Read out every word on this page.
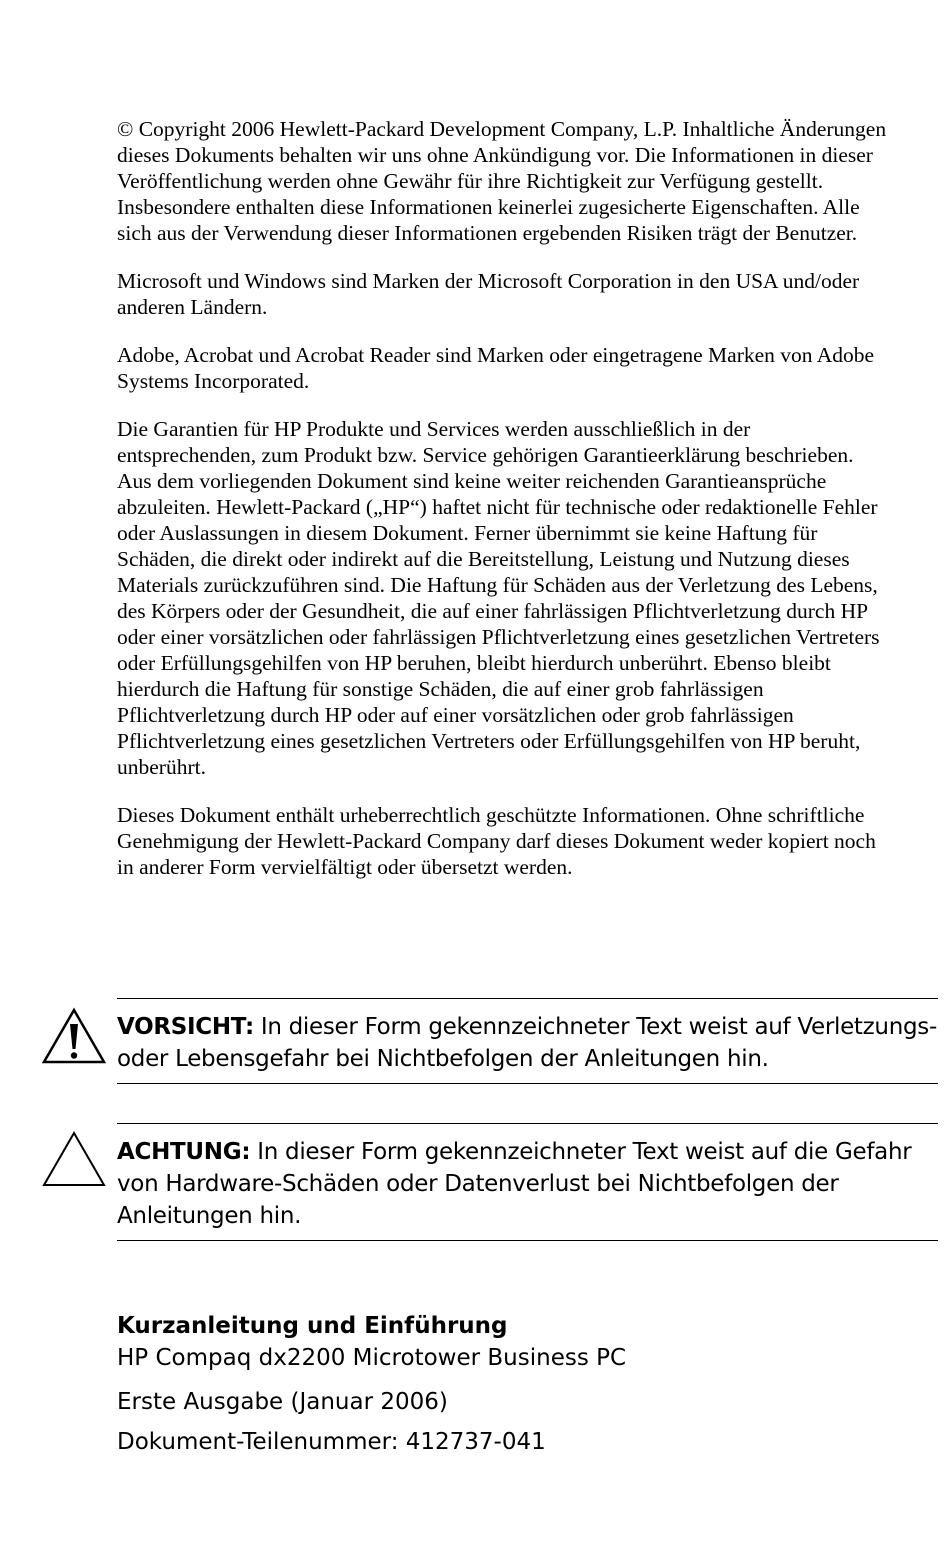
© Copyright 2006 Hewlett-Packard Development Company, L.P. Inhaltliche Änderungen dieses Dokuments behalten wir uns ohne Ankündigung vor. Die Informationen in dieser Veröffentlichung werden ohne Gewähr für ihre Richtigkeit zur Verfügung gestellt. Insbesondere enthalten diese Informationen keinerlei zugesicherte Eigenschaften. Alle sich aus der Verwendung dieser Informationen ergebenden Risiken trägt der Benutzer.

Microsoft und Windows sind Marken der Microsoft Corporation in den USA und/oder anderen Ländern.

Adobe, Acrobat und Acrobat Reader sind Marken oder eingetragene Marken von Adobe Systems Incorporated.

Die Garantien für HP Produkte und Services werden ausschließlich in der entsprechenden, zum Produkt bzw. Service gehörigen Garantieerklärung beschrieben. Aus dem vorliegenden Dokument sind keine weiter reichenden Garantieansprüche abzuleiten. Hewlett-Packard („HP“) haftet nicht für technische oder redaktionelle Fehler oder Auslassungen in diesem Dokument. Ferner übernimmt sie keine Haftung für Schäden, die direkt oder indirekt auf die Bereitstellung, Leistung und Nutzung dieses Materials zurückzuführen sind. Die Haftung für Schäden aus der Verletzung des Lebens, des Körpers oder der Gesundheit, die auf einer fahrlässigen Pflichtverletzung durch HP oder einer vorsätzlichen oder fahrlässigen Pflichtverletzung eines gesetzlichen Vertreters oder Erfüllungsgehilfen von HP beruhen, bleibt hierdurch unberührt. Ebenso bleibt hierdurch die Haftung für sonstige Schäden, die auf einer grob fahrlässigen Pflichtverletzung durch HP oder auf einer vorsätzlichen oder grob fahrlässigen Pflichtverletzung eines gesetzlichen Vertreters oder Erfüllungsgehilfen von HP beruht, unberührt.

Dieses Dokument enthält urheberrechtlich geschützte Informationen. Ohne schriftliche Genehmigung der Hewlett-Packard Company darf dieses Dokument weder kopiert noch in anderer Form vervielfältigt oder übersetzt werden.

VORSICHT: In dieser Form gekennzeichneter Text weist auf Verletzungs- oder Lebensgefahr bei Nichtbefolgen der Anleitungen hin.
ACHTUNG: In dieser Form gekennzeichneter Text weist auf die Gefahr von Hardware-Schäden oder Datenverlust bei Nichtbefolgen der Anleitungen hin.

Kurzanleitung und Einführung

HP Compaq dx2200 Microtower Business PC

Erste Ausgabe (Januar 2006)

Dokument-Teilenummer: 412737-041
